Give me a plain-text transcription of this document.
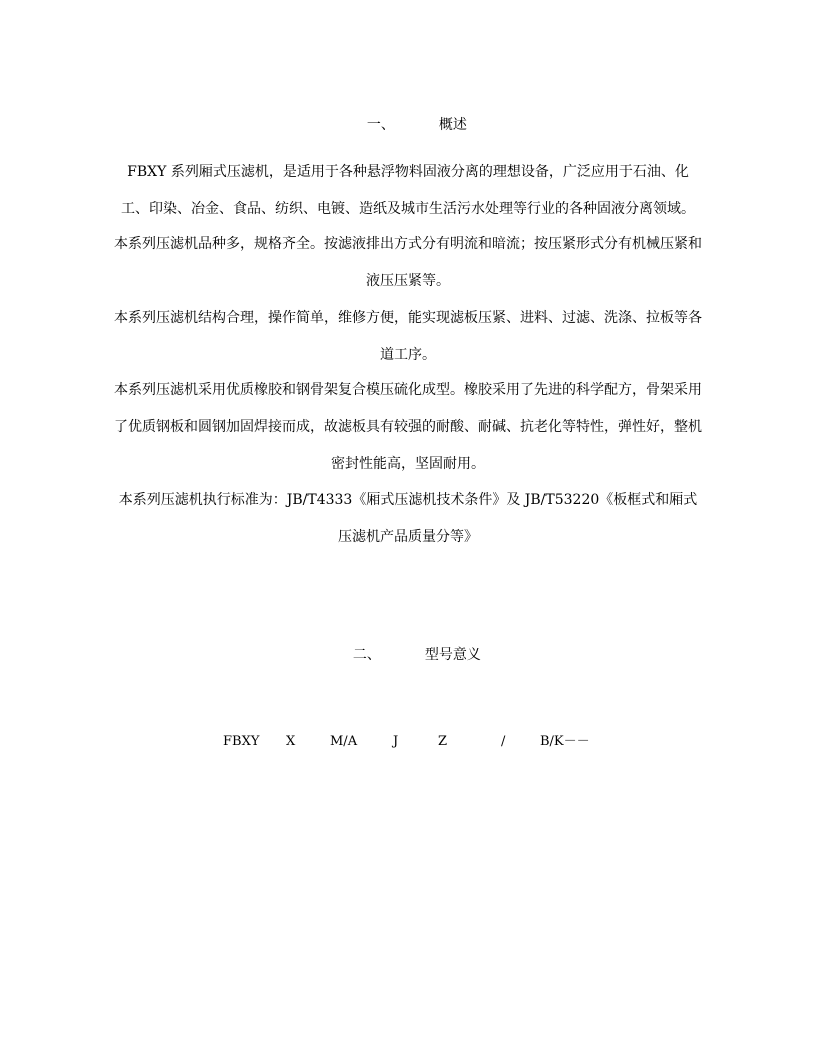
一、	概述

FBXY 系列厢式压滤机，是适用于各种悬浮物料固液分离的理想设备，广泛应用于石油、化工、印染、冶金、食品、纺织、电镀、造纸及城市生活污水处理等行业的各种固液分离领域。
本系列压滤机品种多，规格齐全。按滤液排出方式分有明流和暗流；按压紧形式分有机械压紧和液压压紧等。
本系列压滤机结构合理，操作简单，维修方便，能实现滤板压紧、进料、过滤、洗涤、拉板等各道工序。
本系列压滤机采用优质橡胶和钢骨架复合模压硫化成型。橡胶采用了先进的科学配方，骨架采用了优质钢板和圆钢加固焊接而成，故滤板具有较强的耐酸、耐碱、抗老化等特性，弹性好，整机密封性能高，坚固耐用。
本系列压滤机执行标准为：JB/T4333《厢式压滤机技术条件》及 JB/T53220《板框式和厢式压滤机产品质量分等》

二、	型号意义

FBXY X	M/A	J	Z	/	B/K－－
